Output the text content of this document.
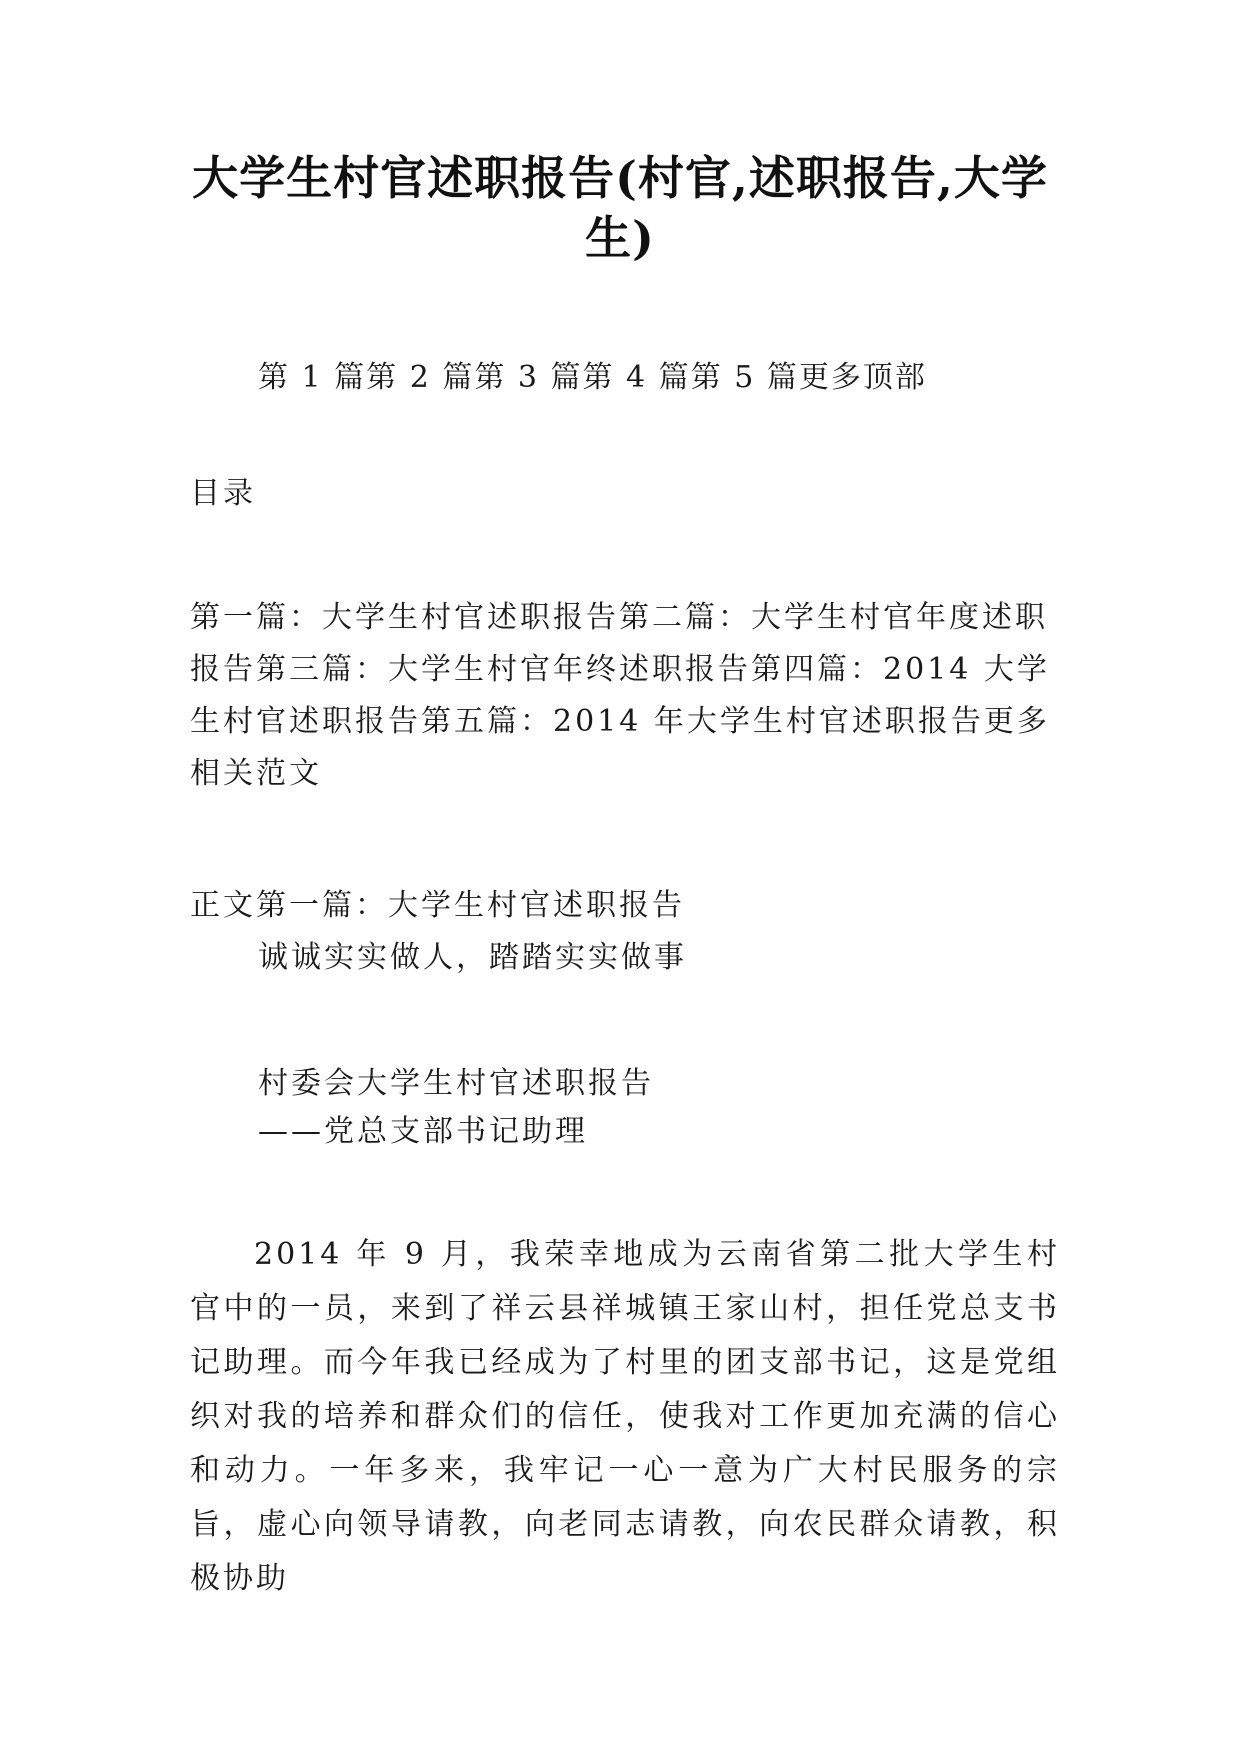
大学生村官述职报告(村官,述职报告,大学生)
第 1 篇第 2 篇第 3 篇第 4 篇第 5 篇更多顶部
目录
第一篇：大学生村官述职报告第二篇：大学生村官年度述职报告第三篇：大学生村官年终述职报告第四篇：2014 大学生村官述职报告第五篇：2014 年大学生村官述职报告更多相关范文
正文第一篇：大学生村官述职报告
诚诚实实做人，踏踏实实做事
村委会大学生村官述职报告
——党总支部书记助理
2014 年 9 月，我荣幸地成为云南省第二批大学生村官中的一员，来到了祥云县祥城镇王家山村，担任党总支书记助理。而今年我已经成为了村里的团支部书记，这是党组织对我的培养和群众们的信任，使我对工作更加充满的信心和动力。一年多来，我牢记一心一意为广大村民服务的宗旨，虚心向领导请教，向老同志请教，向农民群众请教，积极协助
